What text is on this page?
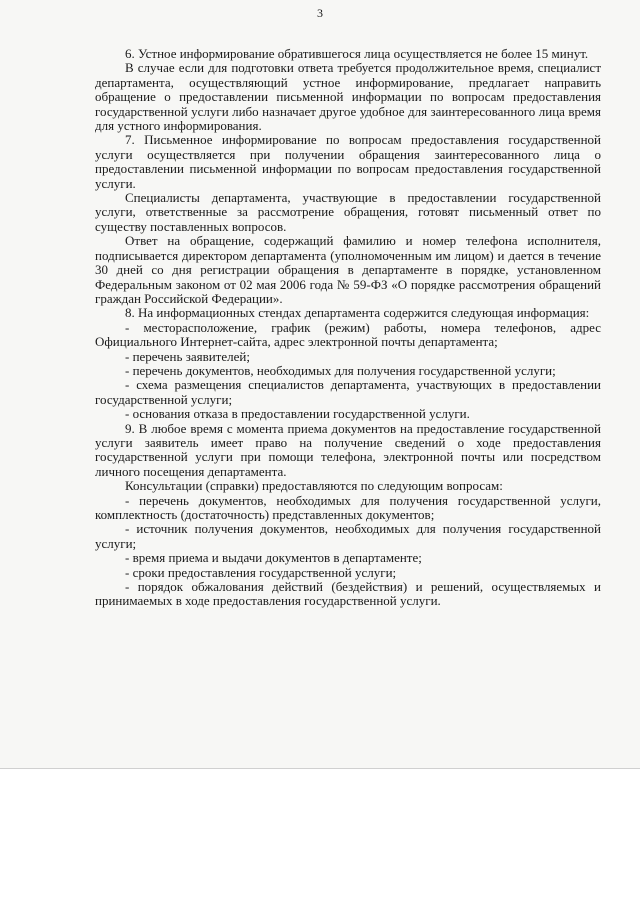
3

6. Устное информирование обратившегося лица осуществляется не более 15 минут.

В случае если для подготовки ответа требуется продолжительное время, специалист департамента, осуществляющий устное информирование, предлагает направить обращение о предоставлении письменной информации по вопросам предоставления государственной услуги либо назначает другое удобное для заинтересованного лица время для устного информирования.

7. Письменное информирование по вопросам предоставления государственной услуги осуществляется при получении обращения заинтересованного лица о предоставлении письменной информации по вопросам предоставления государственной услуги.

Специалисты департамента, участвующие в предоставлении государственной услуги, ответственные за рассмотрение обращения, готовят письменный ответ по существу поставленных вопросов.

Ответ на обращение, содержащий фамилию и номер телефона исполнителя, подписывается директором департамента (уполномоченным им лицом) и дается в течение 30 дней со дня регистрации обращения в департаменте в порядке, установленном Федеральным законом от 02 мая 2006 года № 59-ФЗ «О порядке рассмотрения обращений граждан Российской Федерации».

8. На информационных стендах департамента содержится следующая информация:

- месторасположение, график (режим) работы, номера телефонов, адрес Официального Интернет-сайта, адрес электронной почты департамента;

- перечень заявителей;

- перечень документов, необходимых для получения государственной услуги;

- схема размещения специалистов департамента, участвующих в предоставлении государственной услуги;

- основания отказа в предоставлении государственной услуги.

9. В любое время с момента приема документов на предоставление государственной услуги заявитель имеет право на получение сведений о ходе предоставления государственной услуги при помощи телефона, электронной почты или посредством личного посещения департамента.

Консультации (справки) предоставляются по следующим вопросам:

- перечень документов, необходимых для получения государственной услуги, комплектность (достаточность) представленных документов;

- источник получения документов, необходимых для получения государственной услуги;

- время приема и выдачи документов в департаменте;

- сроки предоставления государственной услуги;

- порядок обжалования действий (бездействия) и решений, осуществляемых и принимаемых в ходе предоставления государственной услуги.
